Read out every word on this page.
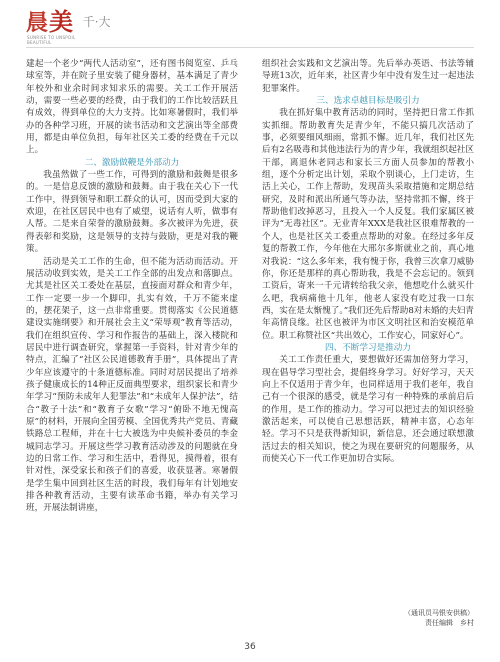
晨美 $^{千\cdot 大}$
SUNRISE TO UNSPOIL
BEAUTIFUL

建起一个老少“两代人活动室”，还有图书阅览室、乒乓球室等，并在院子里安装了健身器材，基本满足了青少年校外和业余时间求知求乐的需要。关工工作开展活动，需要一些必要的经费，由于我们的工作比较活跃且有成效，得到单位的大力支持。比如寒暑假时，我们举办的各种学习班，开展的读书活动和文艺演出等全部费用，都是由单位负担，每年社区关工委的经费在千元以上。

二、激励做鞭是外部动力

我虽然做了一些工作，可得到的激励和鼓舞是很多的。一是信息反馈的激励和鼓舞。由于我在关心下一代工作中，得到领导和职工群众的认可，因而受到大家的欢迎，在社区居民中也有了威望，说话有人听，做事有人帮。二是来自荣誉的激励鼓舞。多次被评为先进，获得表彰和奖励，这是领导的支持与鼓励，更是对我的鞭策。

活动是关工工作的生命，但不能为活动而活动。开展活动收到实效，是关工工作全部的出发点和落脚点。尤其是社区关工委处在基层，直接面对群众和青少年，工作一定要一步一个脚印，扎实有效，千万不能来虚的，摆花架子，这一点非常重要。贯彻落实《公民道德建设实施纲要》和开展社会主义“荣辱观”教育等活动，我们在组织宣传、学习和作报告的基础上，深入楼院和居民中进行调查研究，掌握第一手资料，针对青少年的特点，汇编了“社区公民道德教育手册”，具体提出了青少年应该遵守的十条道德标准。同时对居民提出了培养孩子健康成长的14种正反面典型要求，组织家长和青少年学习“预防未成年人犯罪法”和“未成年人保护法”，结合“教子十法”和“教育子女歌”学习“俯卧不地无愧高原”的材料，开展向全国劳模、全国优秀共产党员、青藏铁路总工程师，并在十七大被选为中央候补委员的李金城同志学习。开展这些学习教育活动涉及的问题就在身边的日常工作、学习和生活中，看得见，摸得着，很有针对性，深受家长和孩子们的喜爱，收获显著。寒暑假是学生集中回到社区生活的时段，我们每年有计划地安排各种教育活动，主要有读革命书籍，举办有关学习班，开展法制讲座，

组织社会实践和文艺演出等。先后举办英语、书法等辅导班13次，近年来，社区青少年中没有发生过一起违法犯罪案件。

三、选求卓越目标是吸引力

我在抓好集中教育活动的同时，坚持把日常工作抓实抓细。帮助教育失足青少年，不能只搞几次活动了事，必须要细风细雨，常抓不懈。近几年，我们社区先后有2名吸毒和其他违法行为的青少年，我就组织起社区干部，离退休老同志和家长三方面人员参加的帮教小组，逐个分析定出计划，采取个别谈心，上门走访，生活上关心，工作上帮助，发现苗头采取措施和定期总结研究，及时和派出所通气等办法，坚持常抓不懈，终于帮助他们改掉恶习，且投入一个人反复。我们家属区被评为“无毒社区”。无业青年XXX是我社区很难帮教的一个人，也是社区关工委重点帮助的对象。在经过多年反复的帮教工作，今年他在大邢尔多斯就业之前，真心地对我说：“这么多年来，我有愧于你，我曾三次拿刀威胁你，你还是那样的真心帮助我，我是不会忘记的。领到工资后，寄来一千元请转给我父亲，他想吃什么就买什么吧，我病痛他十几年，他老人家没有吃过我一口东西，实在是太惭愧了。”我们还先后帮助8对未婚的夫妇青年高情良缘。社区也被评为市区文明社区和治安模范单位。职工称赞社区“共出效心，工作安心，同家好心”。

四、不断学习是推动力

关工工作责任重大，要想做好还需加倍努力学习，现在倡导学习型社会，提倡终身学习。好好学习，天天向上不仅适用于青少年，也同样适用于我们老年，我自己有一个很深的感受，就是学习有一种特殊的承前启后的作用，是工作的推动力。学习可以把过去的知识经验激活起来，可以使自己思想活跃，精神丰富，心态年轻。学习不只是获得新知识，新信息，还会通过联想激活过去的相关知识，使之为现在要研究的问题服务，从而使关心下一代工作更加切合实际。

（通讯员马银安供稿）
责任编辑　乡村
36
